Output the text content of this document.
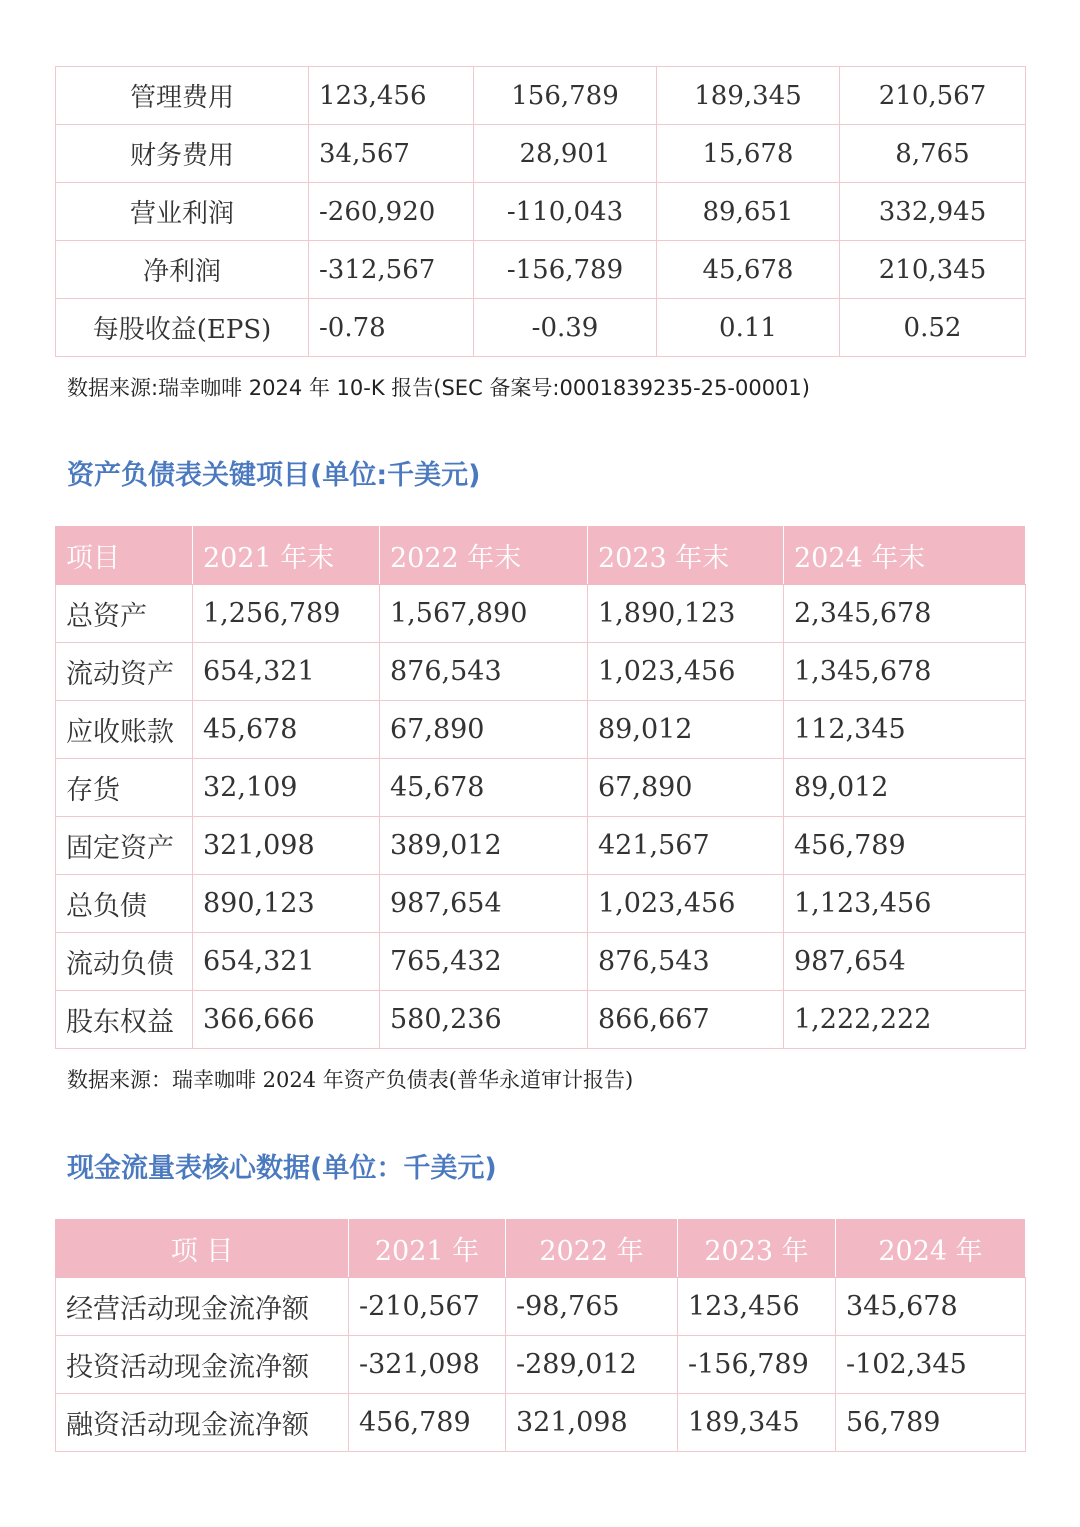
管理费用	123,456	156,789	189,345	210,567
财务费用	34,567	28,901	15,678	8,765
营业利润	-260,920	-110,043	89,651	332,945
净利润	-312,567	-156,789	45,678	210,345
每股收益(EPS)	-0.78	-0.39	0.11	0.52
数据来源:瑞幸咖啡 2024 年 10-K 报告(SEC 备案号:0001839235-25-00001)
资产负债表关键项目(单位:千美元)
项目	2021 年末	2022 年末	2023 年末	2024 年末
总资产	1,256,789	1,567,890	1,890,123	2,345,678
流动资产	654,321	876,543	1,023,456	1,345,678
应收账款	45,678	67,890	89,012	112,345
存货	32,109	45,678	67,890	89,012
固定资产	321,098	389,012	421,567	456,789
总负债	890,123	987,654	1,023,456	1,123,456
流动负债	654,321	765,432	876,543	987,654
股东权益	366,666	580,236	866,667	1,222,222
数据来源：瑞幸咖啡 2024 年资产负债表(普华永道审计报告)
现金流量表核心数据(单位：千美元)
项 目	2021 年	2022 年	2023 年	2024 年
经营活动现金流净额	-210,567	-98,765	123,456	345,678
投资活动现金流净额	-321,098	-289,012	-156,789	-102,345
融资活动现金流净额	456,789	321,098	189,345	56,789
